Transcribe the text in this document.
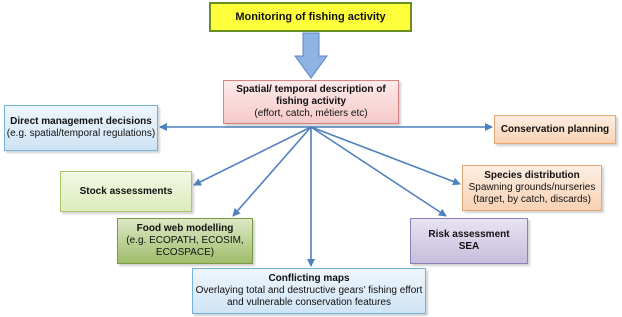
Monitoring of fishing activity
Spatial/ temporal description of fishing activity
(effort, catch, métiers etc)
Direct management decisions
(e.g. spatial/temporal regulations)	Conservation planning
Stock assessments
Species distribution
Spawning grounds/nurseries
(target, by catch, discards)
Food web modelling
(e.g. ECOPATH, ECOSIM, ECOSPACE)
Risk assessment
SEA
Conflicting maps
Overlaying total and destructive gears’ fishing effort
and vulnerable conservation features
